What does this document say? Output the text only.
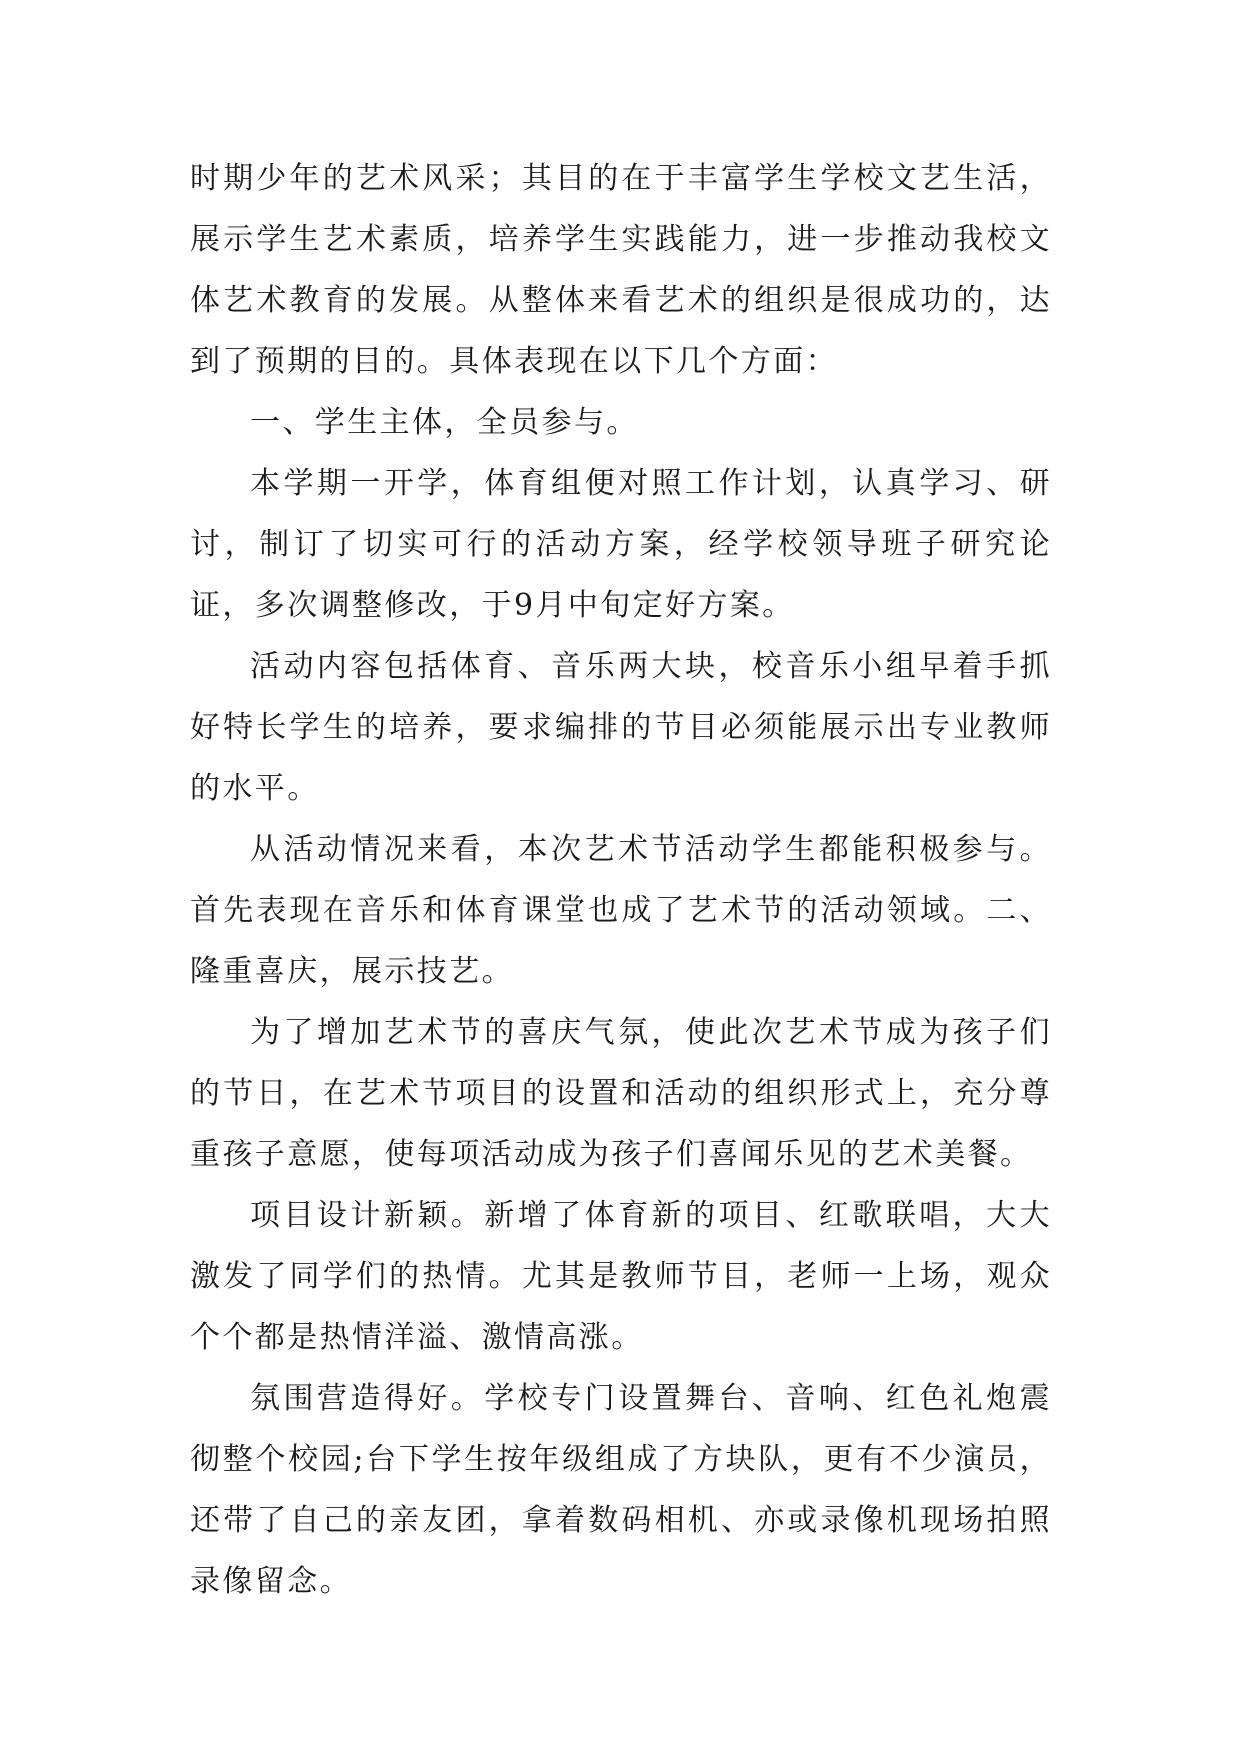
时期少年的艺术风采；其目的在于丰富学生学校文艺生活，展示学生艺术素质，培养学生实践能力，进一步推动我校文体艺术教育的发展。从整体来看艺术的组织是很成功的，达到了预期的目的。具体表现在以下几个方面：

一、学生主体，全员参与。

本学期一开学，体育组便对照工作计划，认真学习、研讨，制订了切实可行的活动方案，经学校领导班子研究论证，多次调整修改，于9月中旬定好方案。

活动内容包括体育、音乐两大块，校音乐小组早着手抓好特长学生的培养，要求编排的节目必须能展示出专业教师的水平。

从活动情况来看，本次艺术节活动学生都能积极参与。首先表现在音乐和体育课堂也成了艺术节的活动领域。二、隆重喜庆，展示技艺。

为了增加艺术节的喜庆气氛，使此次艺术节成为孩子们的节日，在艺术节项目的设置和活动的组织形式上，充分尊重孩子意愿，使每项活动成为孩子们喜闻乐见的艺术美餐。

项目设计新颖。新增了体育新的项目、红歌联唱，大大激发了同学们的热情。尤其是教师节目，老师一上场，观众个个都是热情洋溢、激情高涨。

氛围营造得好。学校专门设置舞台、音响、红色礼炮震彻整个校园;台下学生按年级组成了方块队，更有不少演员，还带了自己的亲友团，拿着数码相机、亦或录像机现场拍照录像留念。
